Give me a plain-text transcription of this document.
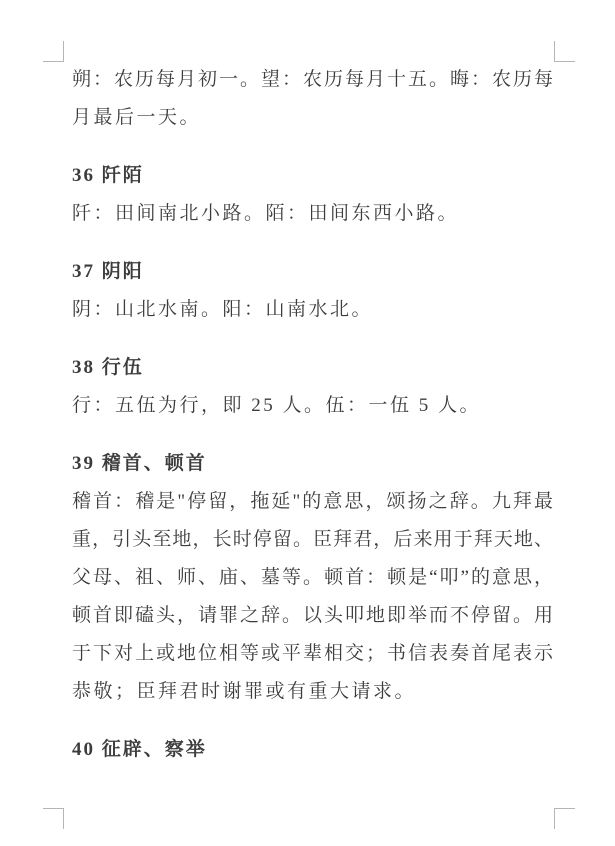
朔：农历每月初一。望：农历每月十五。晦：农历每
月最后一天。
36 阡陌
阡：田间南北小路。陌：田间东西小路。
37 阴阳
阴：山北水南。阳：山南水北。
38 行伍
行：五伍为行，即 25 人。伍：一伍 5 人。
39 稽首、顿首
稽首：稽是"停留，拖延"的意思，颂扬之辞。九拜最
重，引头至地，长时停留。臣拜君，后来用于拜天地、
父母、祖、师、庙、墓等。顿首：顿是“叩”的意思，
顿首即磕头，请罪之辞。以头叩地即举而不停留。用
于下对上或地位相等或平辈相交；书信表奏首尾表示
恭敬；臣拜君时谢罪或有重大请求。
40 征辟、察举
